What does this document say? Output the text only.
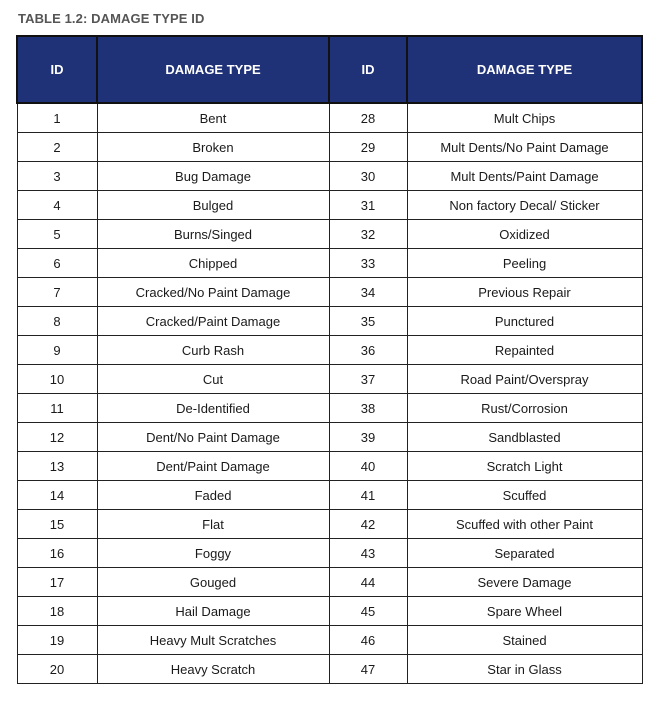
TABLE 1.2: DAMAGE TYPE ID
ID	DAMAGE TYPE	ID	DAMAGE TYPE
1	Bent	28	Mult Chips
2	Broken	29	Mult Dents/No Paint Damage
3	Bug Damage	30	Mult Dents/Paint Damage
4	Bulged	31	Non factory Decal/ Sticker
5	Burns/Singed	32	Oxidized
6	Chipped	33	Peeling
7	Cracked/No Paint Damage	34	Previous Repair
8	Cracked/Paint Damage	35	Punctured
9	Curb Rash	36	Repainted
10	Cut	37	Road Paint/Overspray
11	De-Identified	38	Rust/Corrosion
12	Dent/No Paint Damage	39	Sandblasted
13	Dent/Paint Damage	40	Scratch Light
14	Faded	41	Scuffed
15	Flat	42	Scuffed with other Paint
16	Foggy	43	Separated
17	Gouged	44	Severe Damage
18	Hail Damage	45	Spare Wheel
19	Heavy Mult Scratches	46	Stained
20	Heavy Scratch	47	Star in Glass
